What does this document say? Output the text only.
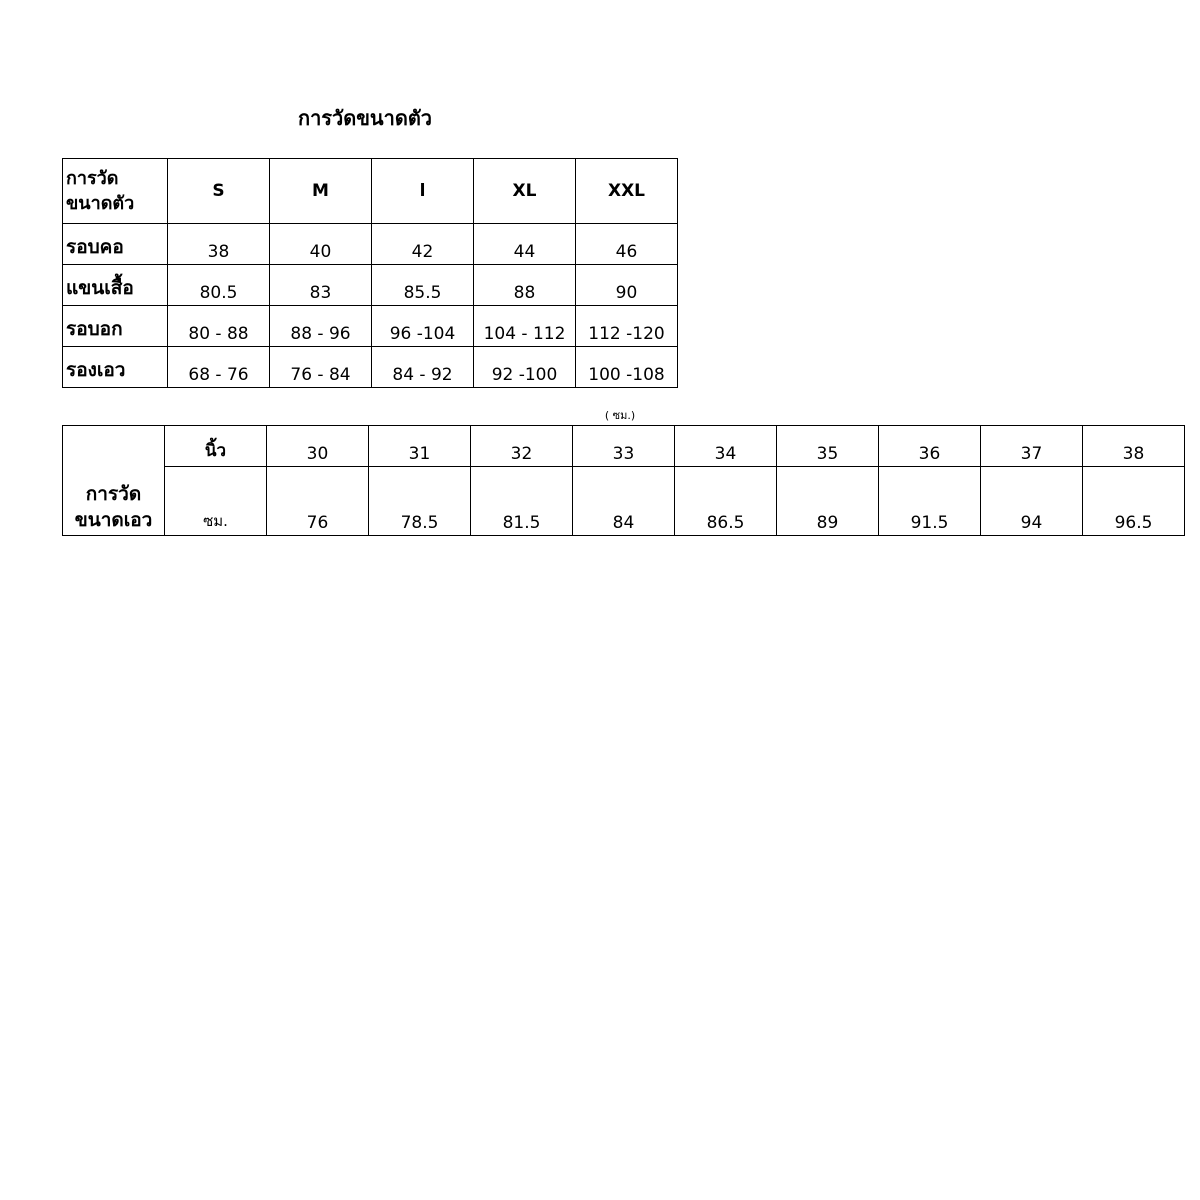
การวัดขนาดตัว
การวัด
ขนาดตัว	S	M	l	XL	XXL
รอบคอ	38	40	42	44	46
แขนเสื้อ	80.5	83	85.5	88	90
รอบอก	80 - 88	88 - 96	96 -104	104 - 112	112 -120
รองเอว	68 - 76	76 - 84	84 - 92	92 -100	100 -108
( ซม.)
การวัด
ขนาดเอว	นิ้ว	30	31	32	33	34	35	36	37	38
	ซม.	76	78.5	81.5	84	86.5	89	91.5	94	96.5
